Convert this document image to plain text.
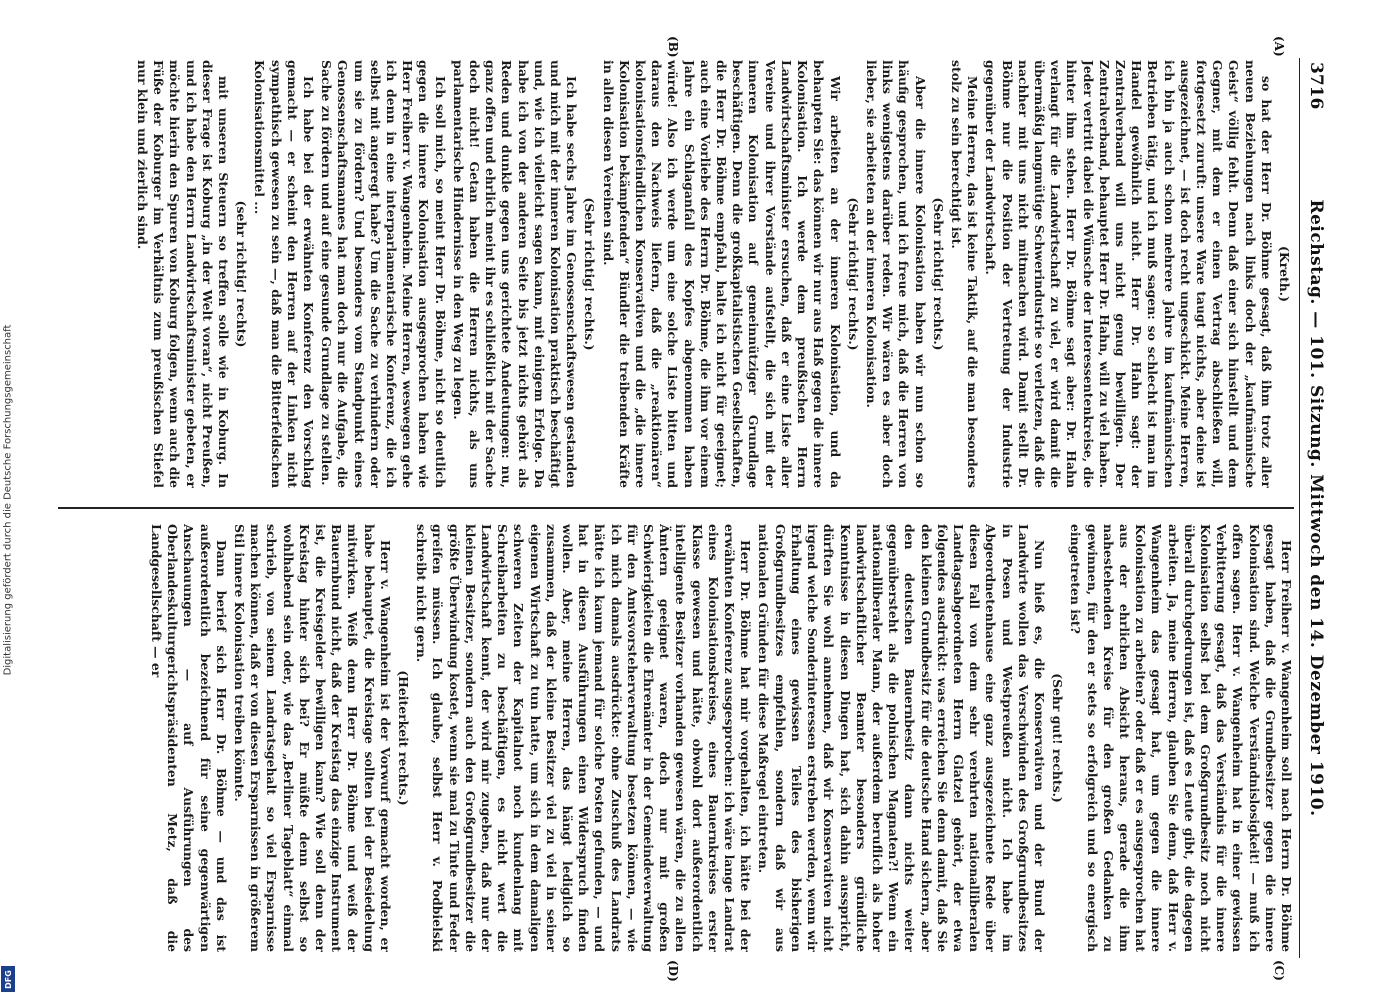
Digitalisierung gefördert durch die Deutsche Forschungsgemeinschaft
DFG
3716
Reichstag. — 101. Sitzung. Mittwoch den 14. Dezember 1910.
(A)
(B)
(C)
(D)

(Kreth.)

so hat der Herr Dr. Böhme gesagt, daß ihm trotz aller neuen Beziehungen nach links doch der „kaufmännische Geist“ völlig fehlt. Denn daß einer sich hinstellt und dem Gegner, mit dem er einen Vertrag abschließen will, fortgesetzt zuruft: unsere Ware taugt nichts, aber deine ist ausgezeichnet, — ist doch recht ungeschickt. Meine Herren, ich bin ja auch schon mehrere Jahre im kaufmännischen Betrieben tätig, und ich muß sagen: so schlecht ist man im Handel gewöhnlich nicht. Herr Dr. Hahn sagt: der Zentralverband will uns nicht genug bewilligen. Der Zentralverband, behauptet Herr Dr. Hahn, will zu viel haben. Jeder vertritt dabei die Wünsche der Interessentenkreise, die hinter ihm stehen. Herr Dr. Böhme sagt aber: Dr. Hahn verlangt für die Landwirtschaft zu viel, er wird damit die übermäßig langmütige Schwerindustrie so verletzen, daß die nachher mit uns nicht mitmachen wird. Damit stellt Dr. Böhme nur die Position der Vertretung der Industrie gegenüber der Landwirtschaft.

Meine Herren, das ist keine Taktik, auf die man besonders stolz zu sein berechtigt ist.

(Sehr richtig! rechts.)

Aber die innere Kolonisation haben wir nun schon so häufig gesprochen, und ich freue mich, daß die Herren von links wenigstens darüber reden. Wir wären es aber doch lieber, sie arbeiteten an der inneren Kolonisation.

(Sehr richtig! rechts.)

Wir arbeiten an der inneren Kolonisation, und da behaupten Sie: das können wir nur aus Haß gegen die innere Kolonisation. Ich werde dem preußischen Herrn Landwirtschaftsminister ersuchen, daß er eine Liste aller Vereine und ihrer Vorstände aufstellt, die sich mit der inneren Kolonisation auf gemeinnütziger Grundlage beschäftigen. Denn die großkapitalistischen Gesellschaften, die Herr Dr. Böhme empfahl, halte ich nicht für geeignet; auch eine Vorliebe des Herrn Dr. Böhme, die ihm vor einem Jahre ein Schlaganfall des Kopfes abgenommen haben würde! Also ich werde um eine solche Liste bitten und daraus den Nachweis liefern, daß die „reaktionären“ kolonisationsfeindlichen Konservativen und die „die innere Kolonisation bekämpfenden“ Bündler die treibenden Kräfte in allen diesen Vereinen sind.

(Sehr richtig! rechts.)

Ich habe sechs Jahre im Genossenschaftswesen gestanden und mich mit der inneren Kolonisation praktisch beschäftigt und, wie ich vielleicht sagen kann, mit einigem Erfolge. Da habe ich von der anderen Seite bis jetzt nichts gehört als Reden und dunkle gegen uns gerichtete Andeutungen: nu, ganz offen und ehrlich meint ihr es schließlich mit der Sache doch nicht! Getan haben die Herren nichts, als uns parlamentarische Hindernisse in den Weg zu legen.

Ich soll mich, so meint Herr Dr. Böhme, nicht so deutlich gegen die innere Kolonisation ausgesprochen haben wie Herr Freiherr v. Wangenheim. Meine Herren, weswegen gehe ich denn in eine interparlamentarische Konferenz, die ich selbst mit angeregt habe? Um die Sache zu verhindern oder um sie zu fördern? Und besonders vom Standpunkt eines Genossenschaftsmannes hat man doch nur die Aufgabe, die Sache zu fördern und auf eine gesunde Grundlage zu stellen.

Ich habe bei der erwähnten Konferenz den Vorschlag gemacht — er scheint den Herren auf der Linken nicht sympathisch gewesen zu sein —, daß man die Bitterfeldschen Kolonisationsmittel ...

(sehr richtig! rechts)

mit unseren Steuern so treffen solle wie in Koburg. In dieser Frage ist Koburg „in der Welt voran“, nicht Preußen, und ich habe den Herrn Landwirtschaftsminister gebeten, er möchte hierin den Spuren von Koburg folgen, wenn auch die Füße der Koburger im Verhältnis zum preußischen Stiefel nur klein und zierlich sind.

Herr Freiherr v. Wangenheim soll nach Herrn Dr. Böhme gesagt haben, daß die Grundbesitzer gegen die innere Kolonisation sind. Welche Verständnislosigkeit! — muß ich offen sagen. Herr v. Wangenheim hat in einer gewissen Verbitterung gesagt, daß das Verständnis für die innere Kolonisation selbst bei dem Großgrundbesitz noch nicht überall durchgedrungen ist, daß es Leute gibt, die dagegen arbeiten. Ja, meine Herren, glauben Sie denn, daß Herr v. Wangenheim das gesagt hat, um gegen die innere Kolonisation zu arbeiten? oder daß er es ausgesprochen hat aus der ehrlichen Absicht heraus, gerade die ihm nahestehenden Kreise für den großen Gedanken zu gewinnen, für den er stets so erfolgreich und so energisch eingetreten ist?

(Sehr gut! rechts.)

Nun hieß es, die Konservativen und der Bund der Landwirte wollen das Verschwinden des Großgrundbesitzes in Posen und Westpreußen nicht. Ich habe im Abgeordnetenhause eine ganz ausgezeichnete Rede über diesen Fall von dem sehr verehrten nationalliberalen Landtagsabgeordneten Herrn Glatzel gehört, der etwa folgendes ausdrückt: was erreichen Sie denn damit, daß Sie den kleinen Grundbesitz für die deutsche Hand sichern, aber den deutschen Bauernbesitz dann nichts weiter gegenübersteht als die polnischen Magnaten?! Wenn ein nationalliberaler Mann, der außerdem beruflich als hoher landwirtschaftlicher Beamter besonders gründliche Kenntnisse in diesen Dingen hat, sich dahin ausspricht, dürften Sie wohl annehmen, daß wir Konservativen nicht irgend welche Sonderinteressen erstreben werden, wenn wir Erhaltung eines gewissen Teiles des bisherigen Großgrundbesitzes empfehlen, sondern daß wir aus nationalen Gründen für diese Maßregel eintreten.

Herr Dr. Böhme hat mir vorgehalten, ich hätte bei der erwähnten Konferenz ausgesprochen: ich wäre lange Landrat eines Kolonisationskreises, eines Bauernkreises erster Klasse gewesen und hätte, obwohl dort außerordentlich intelligente Besitzer vorhanden gewesen wären, die zu allen Ämtern geeignet waren, doch nur mit großen Schwierigkeiten die Ehrenämter in der Gemeindeverwaltung für den Amtsvorsteherverwaltung besetzen können, — wie ich mich damals ausdrückte: ohne Zuschuß des Landrats hätte ich kaum jemand für solche Posten gefunden, — und hat in diesen Ausführungen einen Widerspruch finden wollen. Aber, meine Herren, das hängt lediglich so zusammen, daß der kleine Besitzer viel zu viel in seiner eigenen Wirtschaft zu tun hatte, um sich in dem damaligen schweren Zeiten der Kapitalnot noch kundenlang mit Schreibarbeiten zu beschäftigen, es nicht wert die Landwirtschaft kennt, der wird mir zugeben, daß nur der kleinen Besitzer, sondern auch den Großgrundbesitzer die größte Überwindung kostet, wenn sie mal zu Tinte und Feder greifen müssen. Ich glaube, selbst Herr v. Podbielski schreibt nicht gern.

(Heiterkeit rechts.)

Herr v. Wangenheim ist der Vorwurf gemacht worden, er habe behauptet, die Kreistage sollten bei der Besiedelung mitwirken. Weiß denn Herr Dr. Böhme und weiß der Bauernbund nicht, daß der Kreistag das einzige Instrument ist, die Kreisgelder bewilligen kann? Wie soll denn der Kreistag hinter sich bei? Er müßte denn selbst so wohlhabend sein oder, wie das „Berliner Tageblatt“ einmal schrieb, von seinem Landratsgehalt so viel Ersparnisse machen können, daß er von diesen Ersparnissen in größerem Stil innere Kolonisation treiben könnte.

Dann berief sich Herr Dr. Böhme — und das ist außerordentlich bezeichnend für seine gegenwärtigen Anschauungen — auf Ausführungen des Oberlandeskulturgerichtspräsidenten Metz, daß die Landgesellschaft — er
